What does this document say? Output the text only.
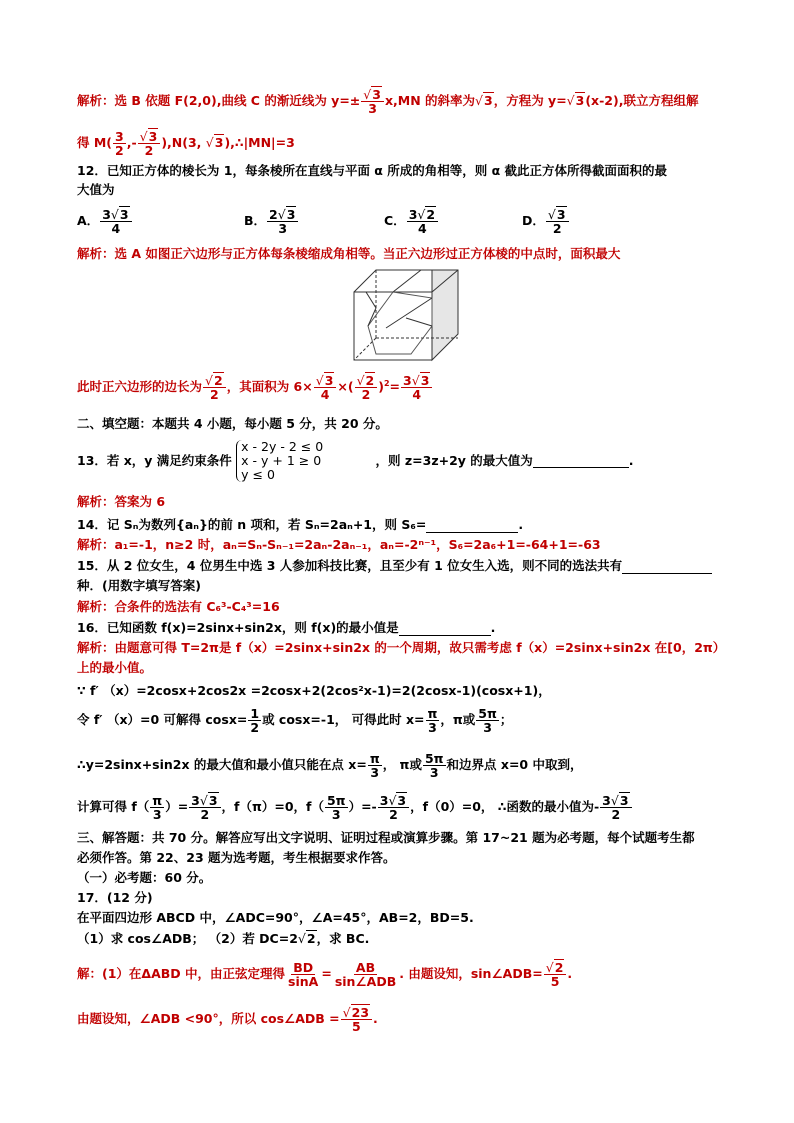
解析：选 B 依题 F(2,0),曲线 C 的渐近线为 $y=\pm \frac{√3}{3} x,MN$ 的斜率为√3，方程为 y=√3(x-2),联立方程组解
得 $M( \frac{3}{2}$ ,- $\frac{√3}{2} ),N(3$, √3),∴|MN|=3
12．已知正方体的棱长为 1，每条棱所在直线与平面 α 所成的角相等，则 α 截此正方体所得截面面积的最
大值为
A． $\frac{3√3}{4}$	B． $\frac{2√3}{3}$	C． $\frac{3√2}{4}$	D． $\frac{√3}{2}$
解析：选 A 如图正六边形与正方体每条棱缩成角相等。当正六边形过正方体棱的中点时，面积最大
此时正六边形的边长为 $\frac{√2}{2}$ ，其面积为 $6\times \frac{√3}{4}$ ×( $\frac{√2}{2} )^2= \frac{3√3}{4}$
二、填空题：本题共 4 小题，每小题 5 分，共 20 分。
13．若 x，y 满足约束条件 x - 2y - 2 ≤ 0
x - y + 1 ≥ 0
y ≤ 0 ，则 z=3z+2y 的最大值为	.
解析：答案为 6
14．记 Sₙ为数列{aₙ}的前 n 项和，若 Sₙ=2aₙ+1，则 S₆=	.
解析：a₁=-1，n≥2 时，aₙ=Sₙ-Sₙ₋₁=2aₙ-2aₙ₋₁，aₙ=-2ⁿ⁻¹，S₆=2a₆+1=-64+1=-63
15．从 2 位女生，4 位男生中选 3 人参加科技比赛，且至少有 1 位女生入选，则不同的选法共有
种．(用数字填写答案)
解析：合条件的选法有 C₆³-C₄³=16
16．已知函数 f(x)=2sinx+sin2x，则 f(x)的最小值是	.
解析：由题意可得 T=2π是 f（x）=2sinx+sin2x 的一个周期，故只需考虑 f（x）=2sinx+sin2x 在[0，2π）
上的最小值。
∵ f′ （x）=2cosx+2cos2x =2cosx+2(2cos²x-1)=2(2cosx-1)(cosx+1)，
令 f′ （x）=0 可解得 $\cos x= \frac{1}{2}$ 或 cosx=-1， 可得此时 $x= \frac{\pi}{3}$ ，π或 $\frac{5\pi}{3}$ ；
∴y=2sinx+sin2x 的最大值和最小值只能在点 $x= \frac{\pi}{3}$ ， π或 $\frac{5\pi}{3}$ 和边界点 x=0 中取到，
计算可得 $f( \frac{\pi}{3}$ ）= $\frac{3√3}{2}$ ，f（π）=0，$f( \frac{5\pi}{3}$ ）=- $\frac{3√3}{2}$ ，f（0）=0， ∴函数的最小值为- $\frac{3√3}{2}$
三、解答题：共 70 分。解答应写出文字说明、证明过程或演算步骤。第 17~21 题为必考题，每个试题考生都
必须作答。第 22、23 题为选考题，考生根据要求作答。
（一）必考题：60 分。
17．(12 分)
在平面四边形 ABCD 中，∠ADC=90°，∠A=45°，AB=2，BD=5.
（1）求 cos∠ADB； （2）若 DC=2√2，求 BC.
解：(1）在ΔABD 中，由正弦定理得 $\frac{BD}{\sin A} = \frac{AB}{\text{sin∠ADB}}$ . 由题设知，sin∠ADB= $\frac{√2}{5}$ .
由题设知，∠ADB <90°，所以 cos∠ADB = $\frac{√23}{5}$ .
